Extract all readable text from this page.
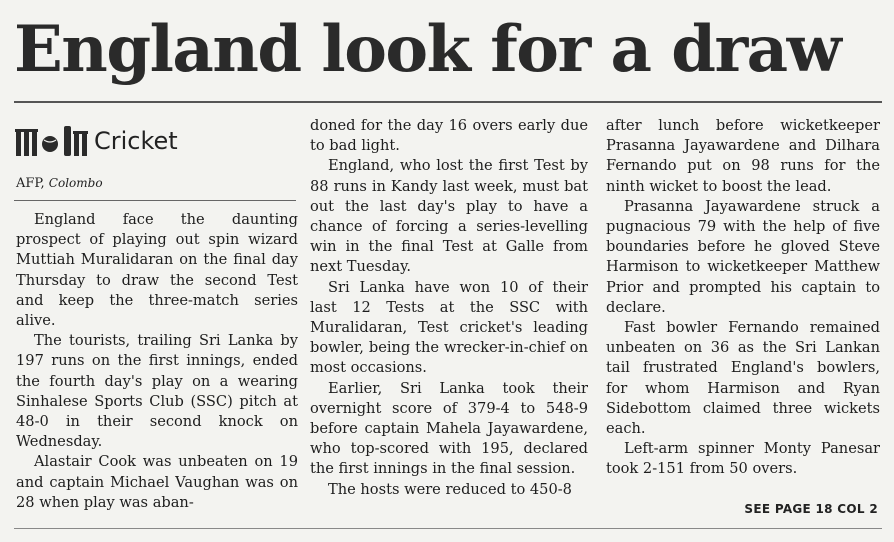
England look for a draw
Cricket
AFP, Colombo

England face the daunting prospect of playing out spin wizard Muttiah Muralidaran on the final day Thursday to draw the second Test and keep the three-match series alive.

The tourists, trailing Sri Lanka by 197 runs on the first innings, ended the fourth day's play on a wearing Sinhalese Sports Club (SSC) pitch at 48-0 in their second knock on Wednesday.

Alastair Cook was unbeaten on 19 and captain Michael Vaughan was on 28 when play was aban-

doned for the day 16 overs early due to bad light.

England, who lost the first Test by 88 runs in Kandy last week, must bat out the last day's play to have a chance of forcing a series-levelling win in the final Test at Galle from next Tuesday.

Sri Lanka have won 10 of their last 12 Tests at the SSC with Muralidaran, Test cricket's leading bowler, being the wrecker-in-chief on most occasions.

Earlier, Sri Lanka took their overnight score of 379-4 to 548-9 before captain Mahela Jayawardene, who top-scored with 195, declared the first innings in the final session.

The hosts were reduced to 450-8

after lunch before wicketkeeper Prasanna Jayawardene and Dilhara Fernando put on 98 runs for the ninth wicket to boost the lead.

Prasanna Jayawardene struck a pugnacious 79 with the help of five boundaries before he gloved Steve Harmison to wicketkeeper Matthew Prior and prompted his captain to declare.

Fast bowler Fernando remained unbeaten on 36 as the Sri Lankan tail frustrated England's bowlers, for whom Harmison and Ryan Sidebottom claimed three wickets each.

Left-arm spinner Monty Panesar took 2-151 from 50 overs.

SEE PAGE 18 COL 2
